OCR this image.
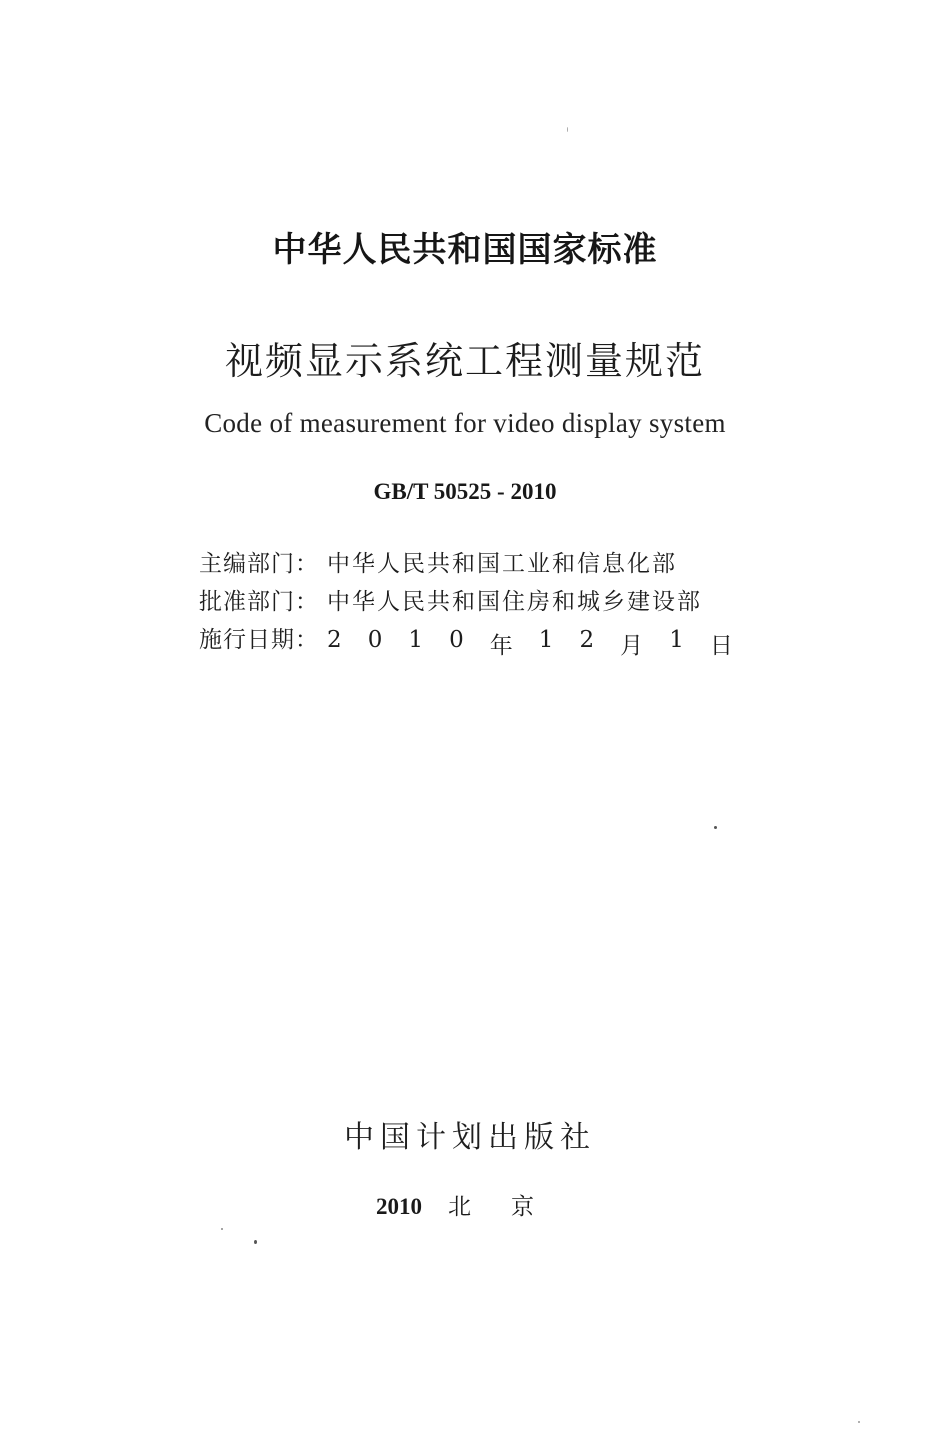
中华人民共和国国家标准
视频显示系统工程测量规范
Code of measurement for video display system
GB/T 50525 - 2010
主编部门： 中华人民共和国工业和信息化部
批准部门： 中华人民共和国住房和城乡建设部
施行日期： 2 0 1 0 年 1 2 月 1 日
中国计划出版社
2010 北京
